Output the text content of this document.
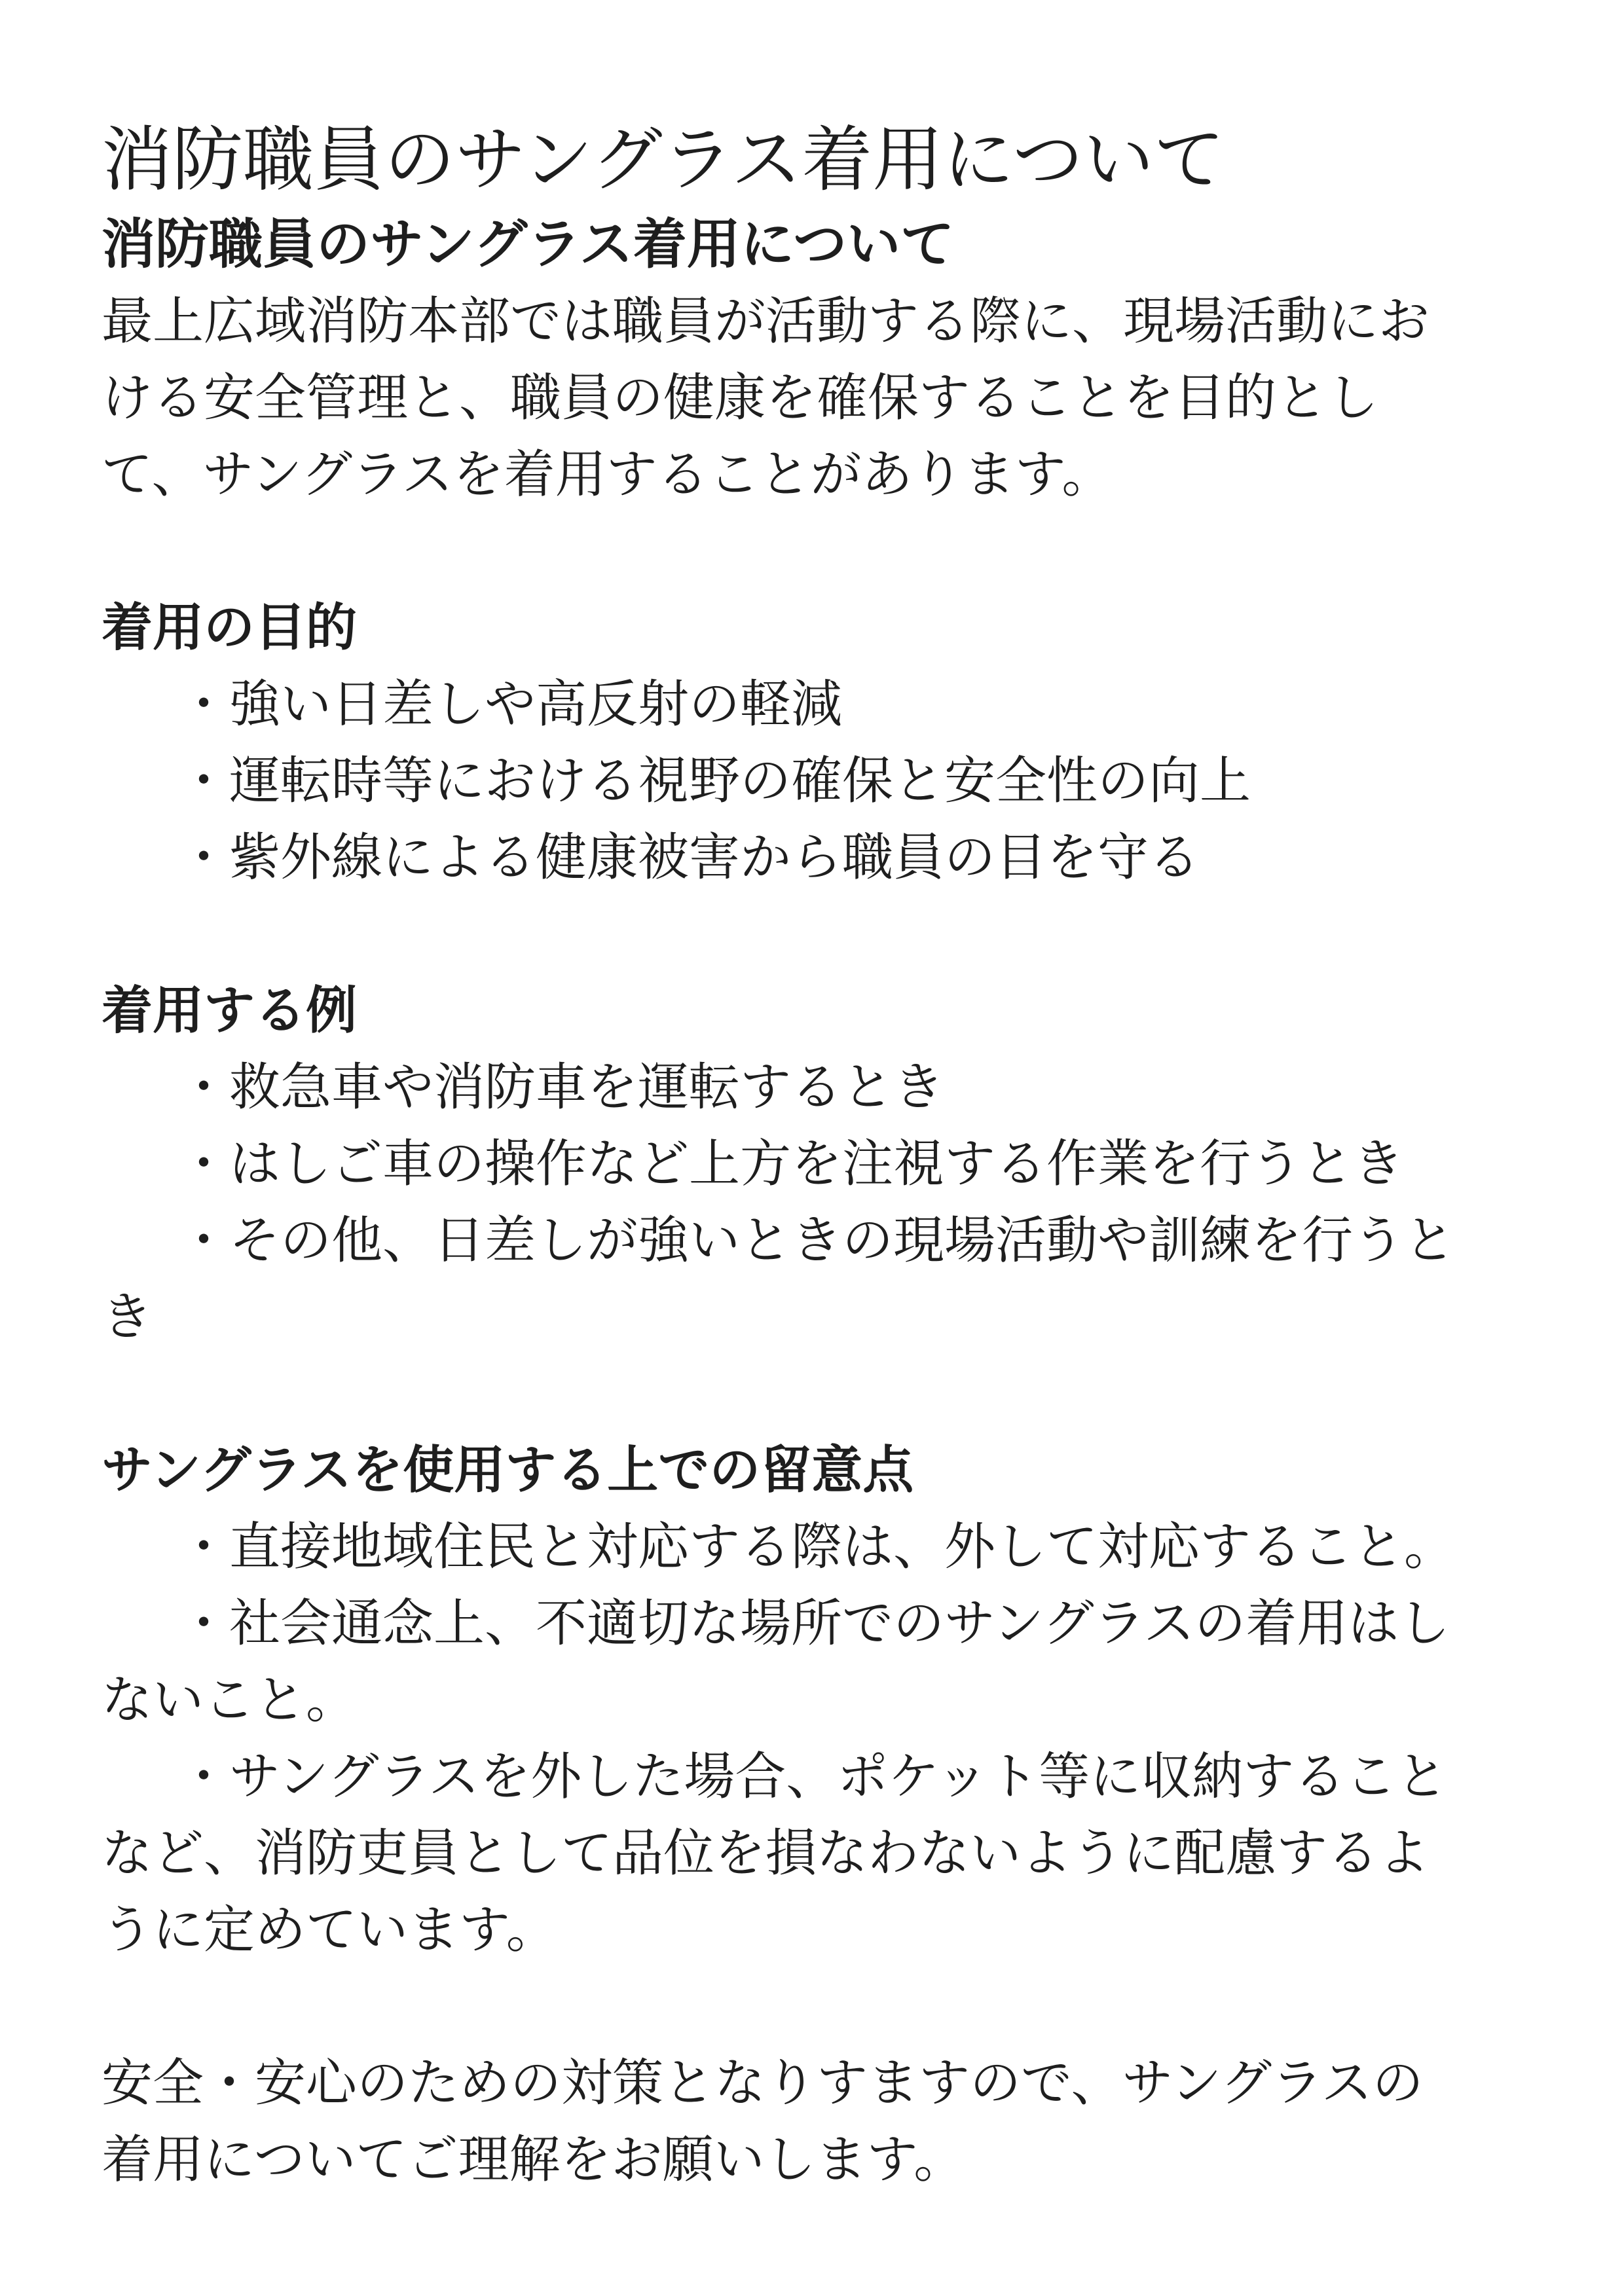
消防職員のサングラス着用について
消防職員のサングラス着用について

最上広域消防本部では職員が活動する際に、現場活動にお
ける安全管理と、職員の健康を確保することを目的とし
て、サングラスを着用することがあります。

着用の目的
・強い日差しや高反射の軽減
・運転時等における視野の確保と安全性の向上
・紫外線による健康被害から職員の目を守る
着用する例
・救急車や消防車を運転するとき
・はしご車の操作など上方を注視する作業を行うとき
・その他、日差しが強いときの現場活動や訓練を行うと
き
サングラスを使用する上での留意点
・直接地域住民と対応する際は、外して対応すること。
・社会通念上、不適切な場所でのサングラスの着用はし
ないこと。
・サングラスを外した場合、ポケット等に収納すること
など、消防吏員として品位を損なわないように配慮するよ
うに定めています。

安全・安心のための対策となりすますので、サングラスの
着用についてご理解をお願いします。
